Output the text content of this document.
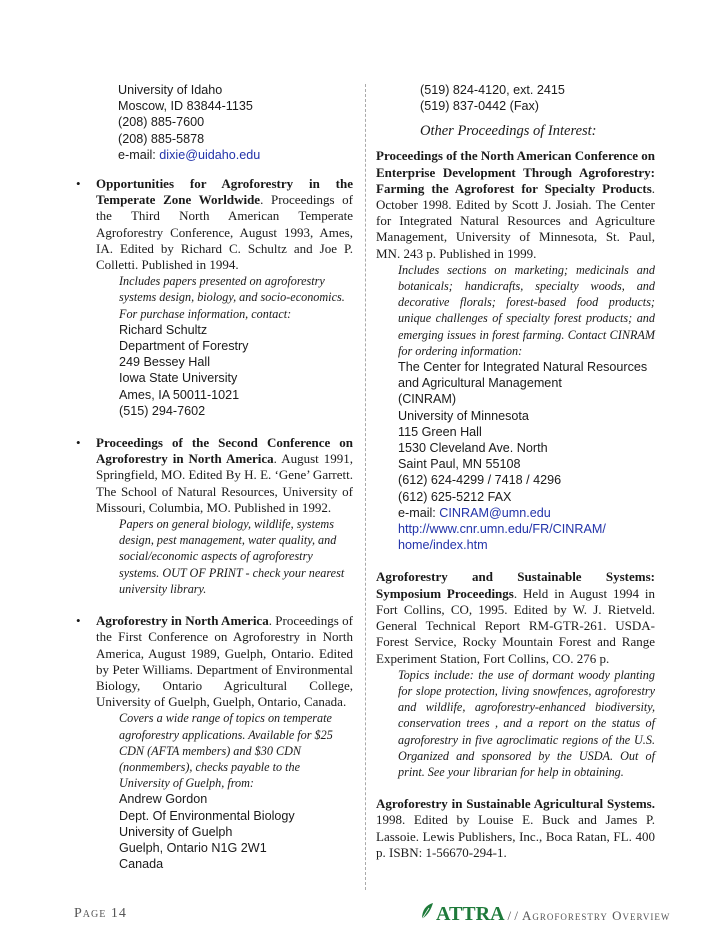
University of Idaho
Moscow, ID 83844-1135
(208) 885-7600
(208) 885-5878
e-mail: dixie@uidaho.edu
• Opportunities for Agroforestry in the Temperate Zone Worldwide. Proceedings of the Third North American Temperate Agroforestry Conference, August 1993, Ames, IA. Edited by Richard C. Schultz and Joe P. Colletti. Published in 1994.
Includes papers presented on agroforestry systems design, biology, and socio-economics. For purchase information, contact:
Richard Schultz
Department of Forestry
249 Bessey Hall
Iowa State University
Ames, IA 50011-1021
(515) 294-7602
• Proceedings of the Second Conference on Agroforestry in North America. August 1991, Springfield, MO. Edited By H. E. ‘Gene’ Garrett. The School of Natural Resources, University of Missouri, Columbia, MO. Published in 1992.
Papers on general biology, wildlife, systems design, pest management, water quality, and social/economic aspects of agroforestry systems. OUT OF PRINT - check your nearest university library.
• Agroforestry in North America. Proceedings of the First Conference on Agroforestry in North America, August 1989, Guelph, Ontario. Edited by Peter Williams. Department of Environmental Biology, Ontario Agricultural College, University of Guelph, Guelph, Ontario, Canada.
Covers a wide range of topics on temperate agroforestry applications. Available for $25 CDN (AFTA members) and $30 CDN (nonmembers), checks payable to the University of Guelph, from:
Andrew Gordon
Dept. Of Environmental Biology
University of Guelph
Guelph, Ontario N1G 2W1
Canada
(519) 824-4120, ext. 2415
(519) 837-0442 (Fax)
Other Proceedings of Interest:
Proceedings of the North American Conference on Enterprise Development Through Agroforestry: Farming the Agroforest for Specialty Products. October 1998. Edited by Scott J. Josiah. The Center for Integrated Natural Resources and Agriculture Management, University of Minnesota, St. Paul, MN. 243 p. Published in 1999.
Includes sections on marketing; medicinals and botanicals; handicrafts, specialty woods, and decorative florals; forest-based food products; unique challenges of specialty forest products; and emerging issues in forest farming. Contact CINRAM for ordering information:
The Center for Integrated Natural Resources
and Agricultural Management
(CINRAM)
University of Minnesota
115 Green Hall
1530 Cleveland Ave. North
Saint Paul, MN 55108
(612) 624-4299 / 7418 / 4296
(612) 625-5212 FAX
e-mail: CINRAM@umn.edu
http://www.cnr.umn.edu/FR/CINRAM/
home/index.htm
Agroforestry and Sustainable Systems: Symposium Proceedings. Held in August 1994 in Fort Collins, CO, 1995. Edited by W. J. Rietveld. General Technical Report RM-GTR-261. USDA-Forest Service, Rocky Mountain Forest and Range Experiment Station, Fort Collins, CO. 276 p.
Topics include: the use of dormant woody planting for slope protection, living snowfences, agroforestry and wildlife, agroforestry-enhanced biodiversity, conservation trees , and a report on the status of agroforestry in five agroclimatic regions of the U.S. Organized and sponsored by the USDA. Out of print. See your librarian for help in obtaining.
Agroforestry in Sustainable Agricultural Systems. 1998. Edited by Louise E. Buck and James P. Lassoie. Lewis Publishers, Inc., Boca Ratan, FL. 400 p. ISBN: 1-56670-294-1.
Page 14	ATTRA / / Agroforestry Overview
